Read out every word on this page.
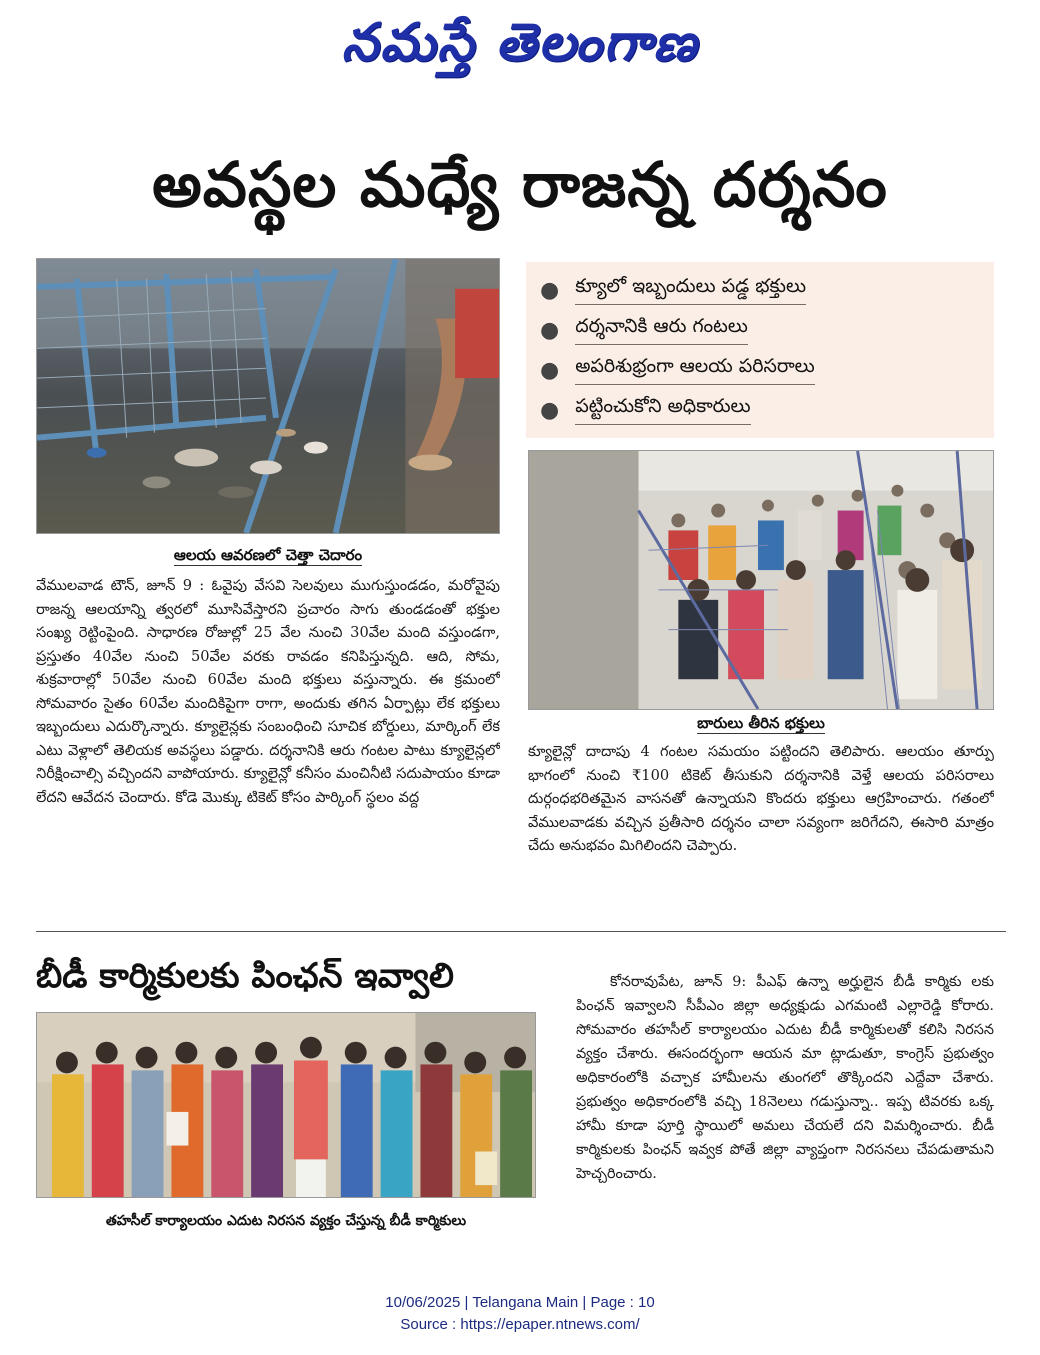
నమస్తే తెలంగాణ
అవస్థల మధ్యే రాజన్న దర్శనం
ఆలయ ఆవరణలో చెత్తా చెదారం
● క్యూలో ఇబ్బందులు పడ్డ భక్తులు
● దర్శనానికి ఆరు గంటలు
● అపరిశుభ్రంగా ఆలయ పరిసరాలు
● పట్టించుకోని అధికారులు
బారులు తీరిన భక్తులు

వేములవాడ టౌన్, జూన్ 9 : ఓవైపు వేసవి సెలవులు ముగుస్తుండడం, మరోవైపు రాజన్న ఆలయాన్ని త్వరలో మూసివేస్తారని ప్రచారం సాగు తుండడంతో భక్తుల సంఖ్య రెట్టింపైంది. సాధారణ రోజుల్లో 25 వేల నుంచి 30వేల మంది వస్తుండగా, ప్రస్తుతం 40వేల నుంచి 50వేల వరకు రావడం కనిపిస్తున్నది. ఆది, సోమ, శుక్రవారాల్లో 50వేల నుంచి 60వేల మంది భక్తులు వస్తున్నారు. ఈ క్రమంలో సోమవారం సైతం 60వేల మందికిపైగా రాగా, అందుకు తగిన ఏర్పాట్లు లేక భక్తులు ఇబ్బందులు ఎదుర్కొన్నారు. క్యూలైన్లకు సంబంధించి సూచిక బోర్డులు, మార్కింగ్ లేక ఎటు వెళ్లాలో తెలియక అవస్థలు పడ్డారు. దర్శనానికి ఆరు గంటల పాటు క్యూలైన్లలో నిరీక్షించాల్సి వచ్చిందని వాపోయారు. క్యూలైన్లో కనీసం మంచినీటి సదుపాయం కూడా లేదని ఆవేదన చెందారు. కోడె మొక్కు టికెట్ కోసం పార్కింగ్ స్థలం వద్ద

క్యూలైన్లో దాదాపు 4 గంటల సమయం పట్టిందని తెలిపారు. ఆలయం తూర్పు భాగంలో నుంచి ₹100 టికెట్ తీసుకుని దర్శనానికి వెళ్తే ఆలయ పరిసరాలు దుర్గంధభరితమైన వాసనతో ఉన్నాయని కొందరు భక్తులు ఆగ్రహించారు. గతంలో వేములవాడకు వచ్చిన ప్రతీసారి దర్శనం చాలా సవ్యంగా జరిగేదని, ఈసారి మాత్రం చేదు అనుభవం మిగిలిందని చెప్పారు.

బీడీ కార్మికులకు పింఛన్ ఇవ్వాలి
తహసీల్ కార్యాలయం ఎదుట నిరసన వ్యక్తం చేస్తున్న బీడీ కార్మికులు

కోనరావుపేట, జూన్ 9: పీఎఫ్ ఉన్నా అర్హులైన బీడీ కార్మికు లకు పింఛన్ ఇవ్వాలని సీపీఎం జిల్లా అధ్యక్షుడు ఎగమంటి ఎల్లారెడ్డి కోరారు. సోమవారం తహసీల్ కార్యాలయం ఎదుట బీడీ కార్మికులతో కలిసి నిరసన వ్యక్తం చేశారు. ఈసందర్భంగా ఆయన మా ట్లాడుతూ, కాంగ్రెస్ ప్రభుత్వం అధికారంలోకి వచ్చాక హామీలను తుంగలో తొక్కిందని ఎద్దేవా చేశారు. ప్రభుత్వం అధికారంలోకి వచ్చి 18నెలలు గడుస్తున్నా.. ఇప్ప టివరకు ఒక్క హామీ కూడా పూర్తి స్థాయిలో అమలు చేయలే దని విమర్శించారు. బీడీ కార్మికులకు పింఛన్ ఇవ్వక పోతే జిల్లా వ్యాప్తంగా నిరసనలు చేపడుతామని హెచ్చరించారు.

10/06/2025 | Telangana Main | Page : 10
Source : https://epaper.ntnews.com/
